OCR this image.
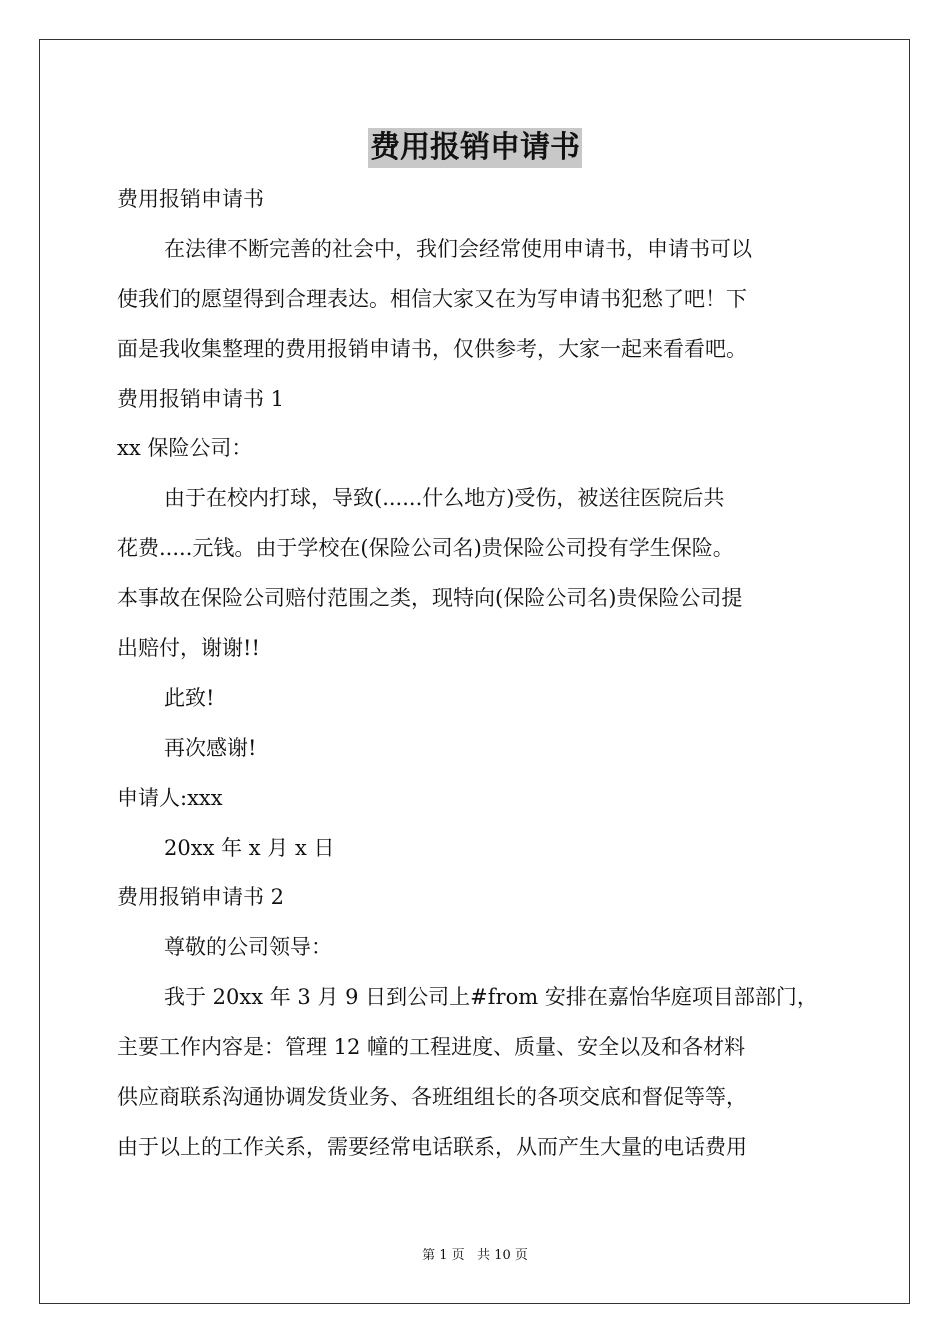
费用报销申请书
费用报销申请书
在法律不断完善的社会中，我们会经常使用申请书，申请书可以
使我们的愿望得到合理表达。相信大家又在为写申请书犯愁了吧！下
面是我收集整理的费用报销申请书，仅供参考，大家一起来看看吧。
费用报销申请书 1
xx 保险公司：
由于在校内打球，导致(......什么地方)受伤，被送往医院后共
花费.....元钱。由于学校在(保险公司名)贵保险公司投有学生保险。
本事故在保险公司赔付范围之类，现特向(保险公司名)贵保险公司提
出赔付，谢谢!!
此致!
再次感谢!
申请人:xxx
20xx 年 x 月 x 日
费用报销申请书 2
尊敬的公司领导：
我于 20xx 年 3 月 9 日到公司上#from 安排在嘉怡华庭项目部部门，
主要工作内容是：管理 12 幢的工程进度、质量、安全以及和各材料
供应商联系沟通协调发货业务、各班组组长的各项交底和督促等等，
由于以上的工作关系，需要经常电话联系，从而产生大量的电话费用
第 1 页   共 10 页
